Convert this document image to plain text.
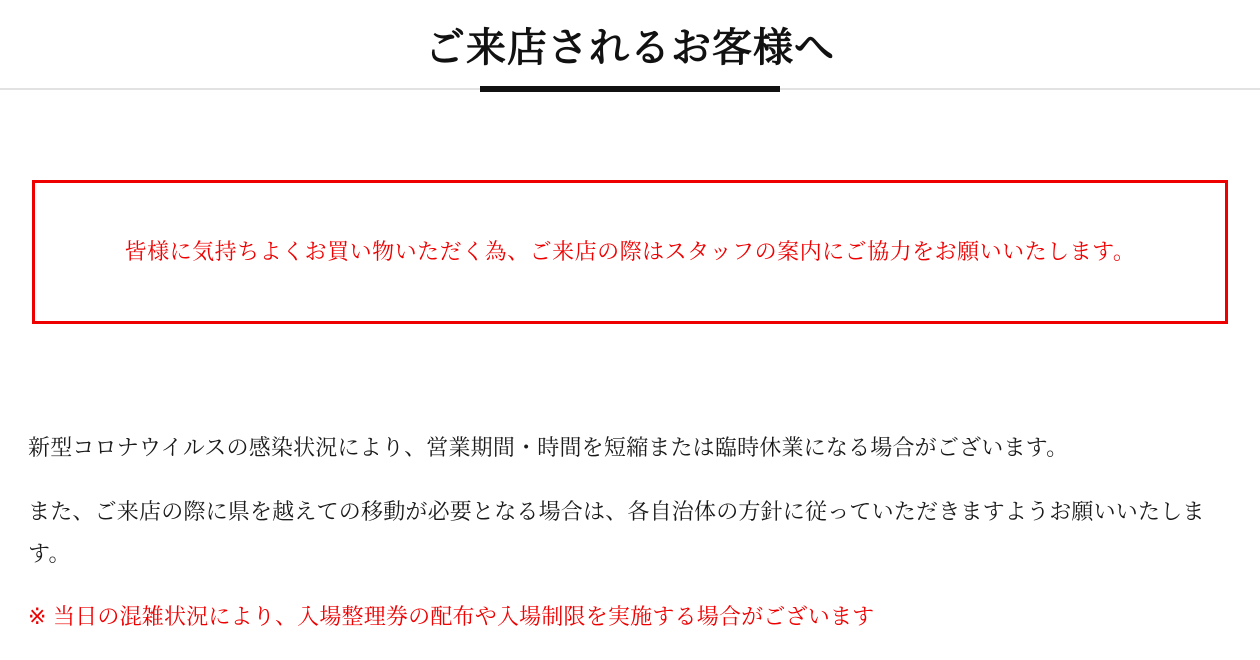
ご来店されるお客様へ

皆様に気持ちよくお買い物いただく為、ご来店の際はスタッフの案内にご協力をお願いいたします。

新型コロナウイルスの感染状況により、営業期間・時間を短縮または臨時休業になる場合がございます。

また、ご来店の際に県を越えての移動が必要となる場合は、各自治体の方針に従っていただきますようお願いいたします。

※ 当日の混雑状況により、入場整理券の配布や入場制限を実施する場合がございます
